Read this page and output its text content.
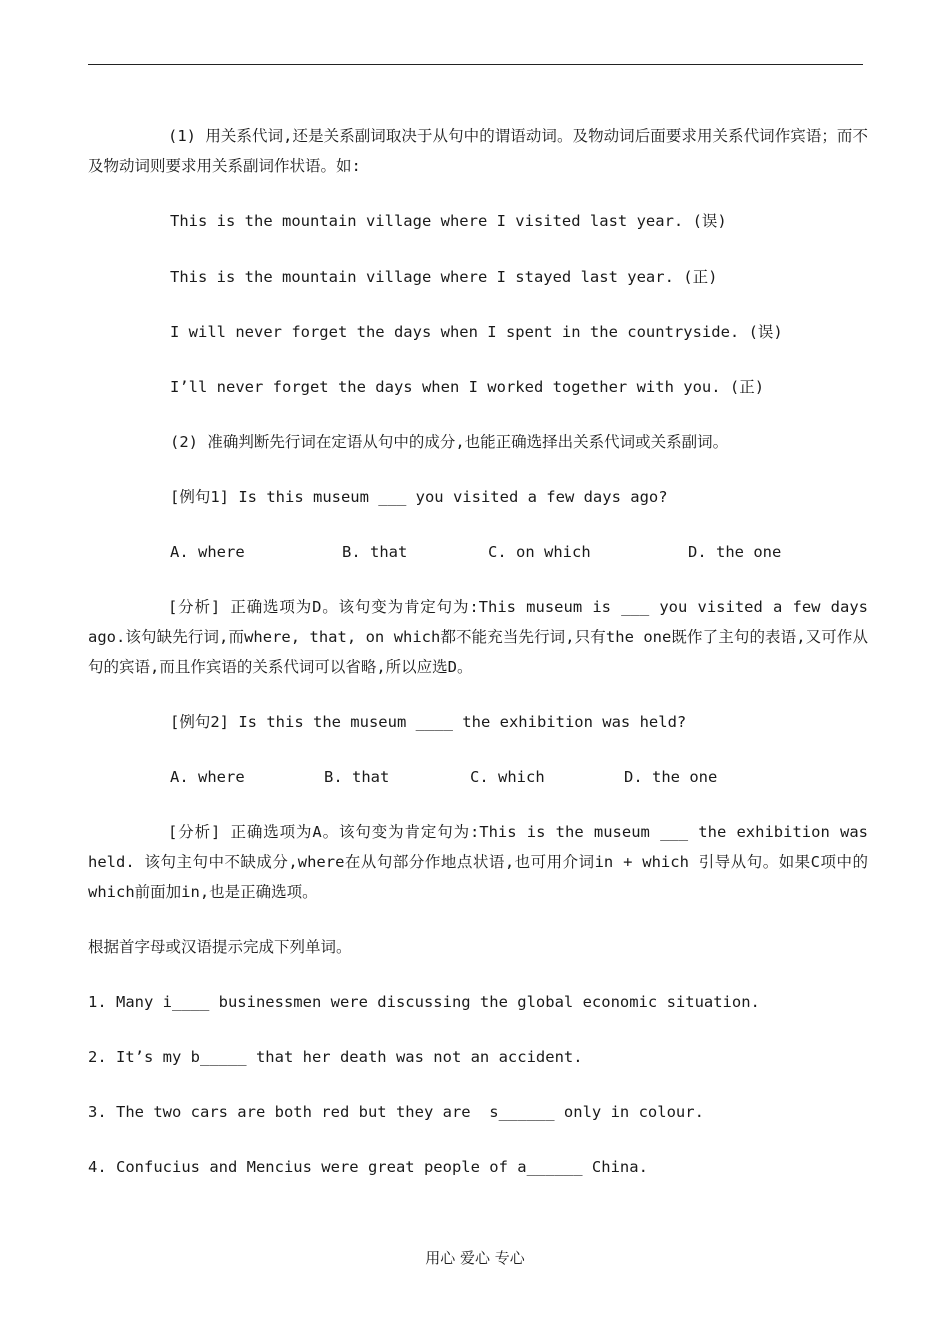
(1) 用关系代词,还是关系副词取决于从句中的谓语动词。及物动词后面要求用关系代词作宾语；而不及物动词则要求用关系副词作状语。如:
This is the mountain village where I visited last year. (误)
This is the mountain village where I stayed last year. (正)
I will never forget the days when I spent in the countryside. (误)
I’ll never forget the days when I worked together with you. (正)
(2) 准确判断先行词在定语从句中的成分,也能正确选择出关系代词或关系副词。
[例句1] Is this museum ___ you visited a few days ago?
A. where	B. that	C. on which	D. the one
[分析] 正确选项为D。该句变为肯定句为:This museum is ___ you visited a few days ago.该句缺先行词,而where, that, on which都不能充当先行词,只有the one既作了主句的表语,又可作从句的宾语,而且作宾语的关系代词可以省略,所以应选D。
[例句2] Is this the museum ____ the exhibition was held?
A. where	B. that	C. which	D. the one
[分析] 正确选项为A。该句变为肯定句为:This is the museum ___ the exhibition was held. 该句主句中不缺成分,where在从句部分作地点状语,也可用介词in + which 引导从句。如果C项中的which前面加in,也是正确选项。
根据首字母或汉语提示完成下列单词。
1. Many i____ businessmen were discussing the global economic situation.
2. It’s my b_____ that her death was not an accident.
3. The two cars are both red but they are  s______ only in colour.
4. Confucius and Mencius were great people of a______ China.
用心 爱心 专心
